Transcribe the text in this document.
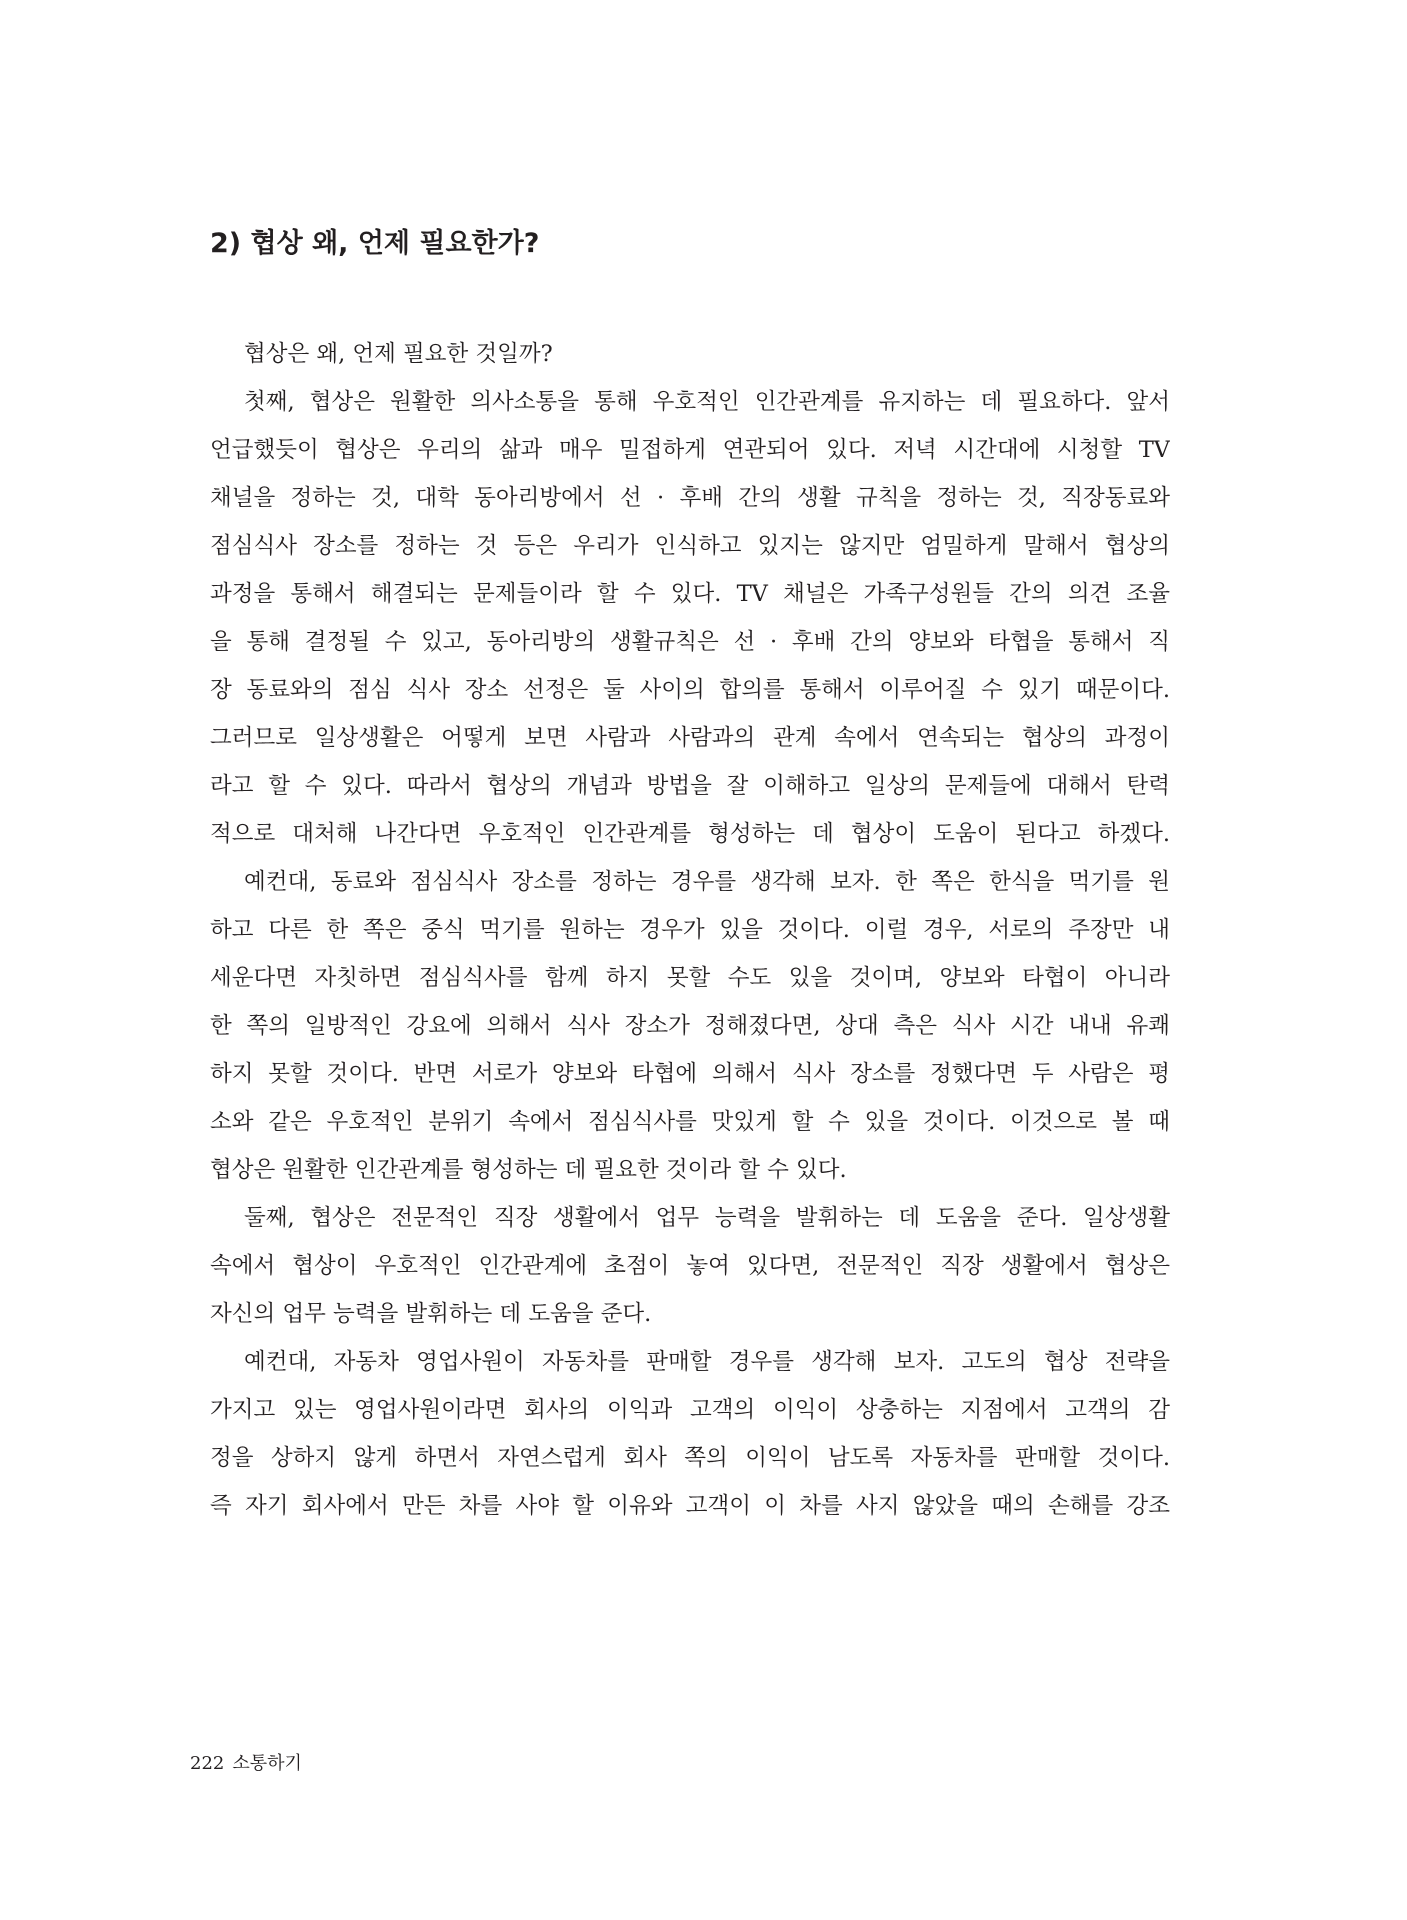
2) 협상 왜, 언제 필요한가?
협상은 왜, 언제 필요한 것일까?
첫째, 협상은 원활한 의사소통을 통해 우호적인 인간관계를 유지하는 데 필요하다. 앞서
언급했듯이 협상은 우리의 삶과 매우 밀접하게 연관되어 있다. 저녁 시간대에 시청할 TV
채널을 정하는 것, 대학 동아리방에서 선 · 후배 간의 생활 규칙을 정하는 것, 직장동료와
점심식사 장소를 정하는 것 등은 우리가 인식하고 있지는 않지만 엄밀하게 말해서 협상의
과정을 통해서 해결되는 문제들이라 할 수 있다. TV 채널은 가족구성원들 간의 의견 조율
을 통해 결정될 수 있고, 동아리방의 생활규칙은 선 · 후배 간의 양보와 타협을 통해서 직
장 동료와의 점심 식사 장소 선정은 둘 사이의 합의를 통해서 이루어질 수 있기 때문이다.
그러므로 일상생활은 어떻게 보면 사람과 사람과의 관계 속에서 연속되는 협상의 과정이
라고 할 수 있다. 따라서 협상의 개념과 방법을 잘 이해하고 일상의 문제들에 대해서 탄력
적으로 대처해 나간다면 우호적인 인간관계를 형성하는 데 협상이 도움이 된다고 하겠다.
예컨대, 동료와 점심식사 장소를 정하는 경우를 생각해 보자. 한 쪽은 한식을 먹기를 원
하고 다른 한 쪽은 중식 먹기를 원하는 경우가 있을 것이다. 이럴 경우, 서로의 주장만 내
세운다면 자칫하면 점심식사를 함께 하지 못할 수도 있을 것이며, 양보와 타협이 아니라
한 쪽의 일방적인 강요에 의해서 식사 장소가 정해졌다면, 상대 측은 식사 시간 내내 유쾌
하지 못할 것이다. 반면 서로가 양보와 타협에 의해서 식사 장소를 정했다면 두 사람은 평
소와 같은 우호적인 분위기 속에서 점심식사를 맛있게 할 수 있을 것이다. 이것으로 볼 때
협상은 원활한 인간관계를 형성하는 데 필요한 것이라 할 수 있다.
둘째, 협상은 전문적인 직장 생활에서 업무 능력을 발휘하는 데 도움을 준다. 일상생활
속에서 협상이 우호적인 인간관계에 초점이 놓여 있다면, 전문적인 직장 생활에서 협상은
자신의 업무 능력을 발휘하는 데 도움을 준다.
예컨대, 자동차 영업사원이 자동차를 판매할 경우를 생각해 보자. 고도의 협상 전략을
가지고 있는 영업사원이라면 회사의 이익과 고객의 이익이 상충하는 지점에서 고객의 감
정을 상하지 않게 하면서 자연스럽게 회사 쪽의 이익이 남도록 자동차를 판매할 것이다.
즉 자기 회사에서 만든 차를 사야 할 이유와 고객이 이 차를 사지 않았을 때의 손해를 강조
222 소통하기
